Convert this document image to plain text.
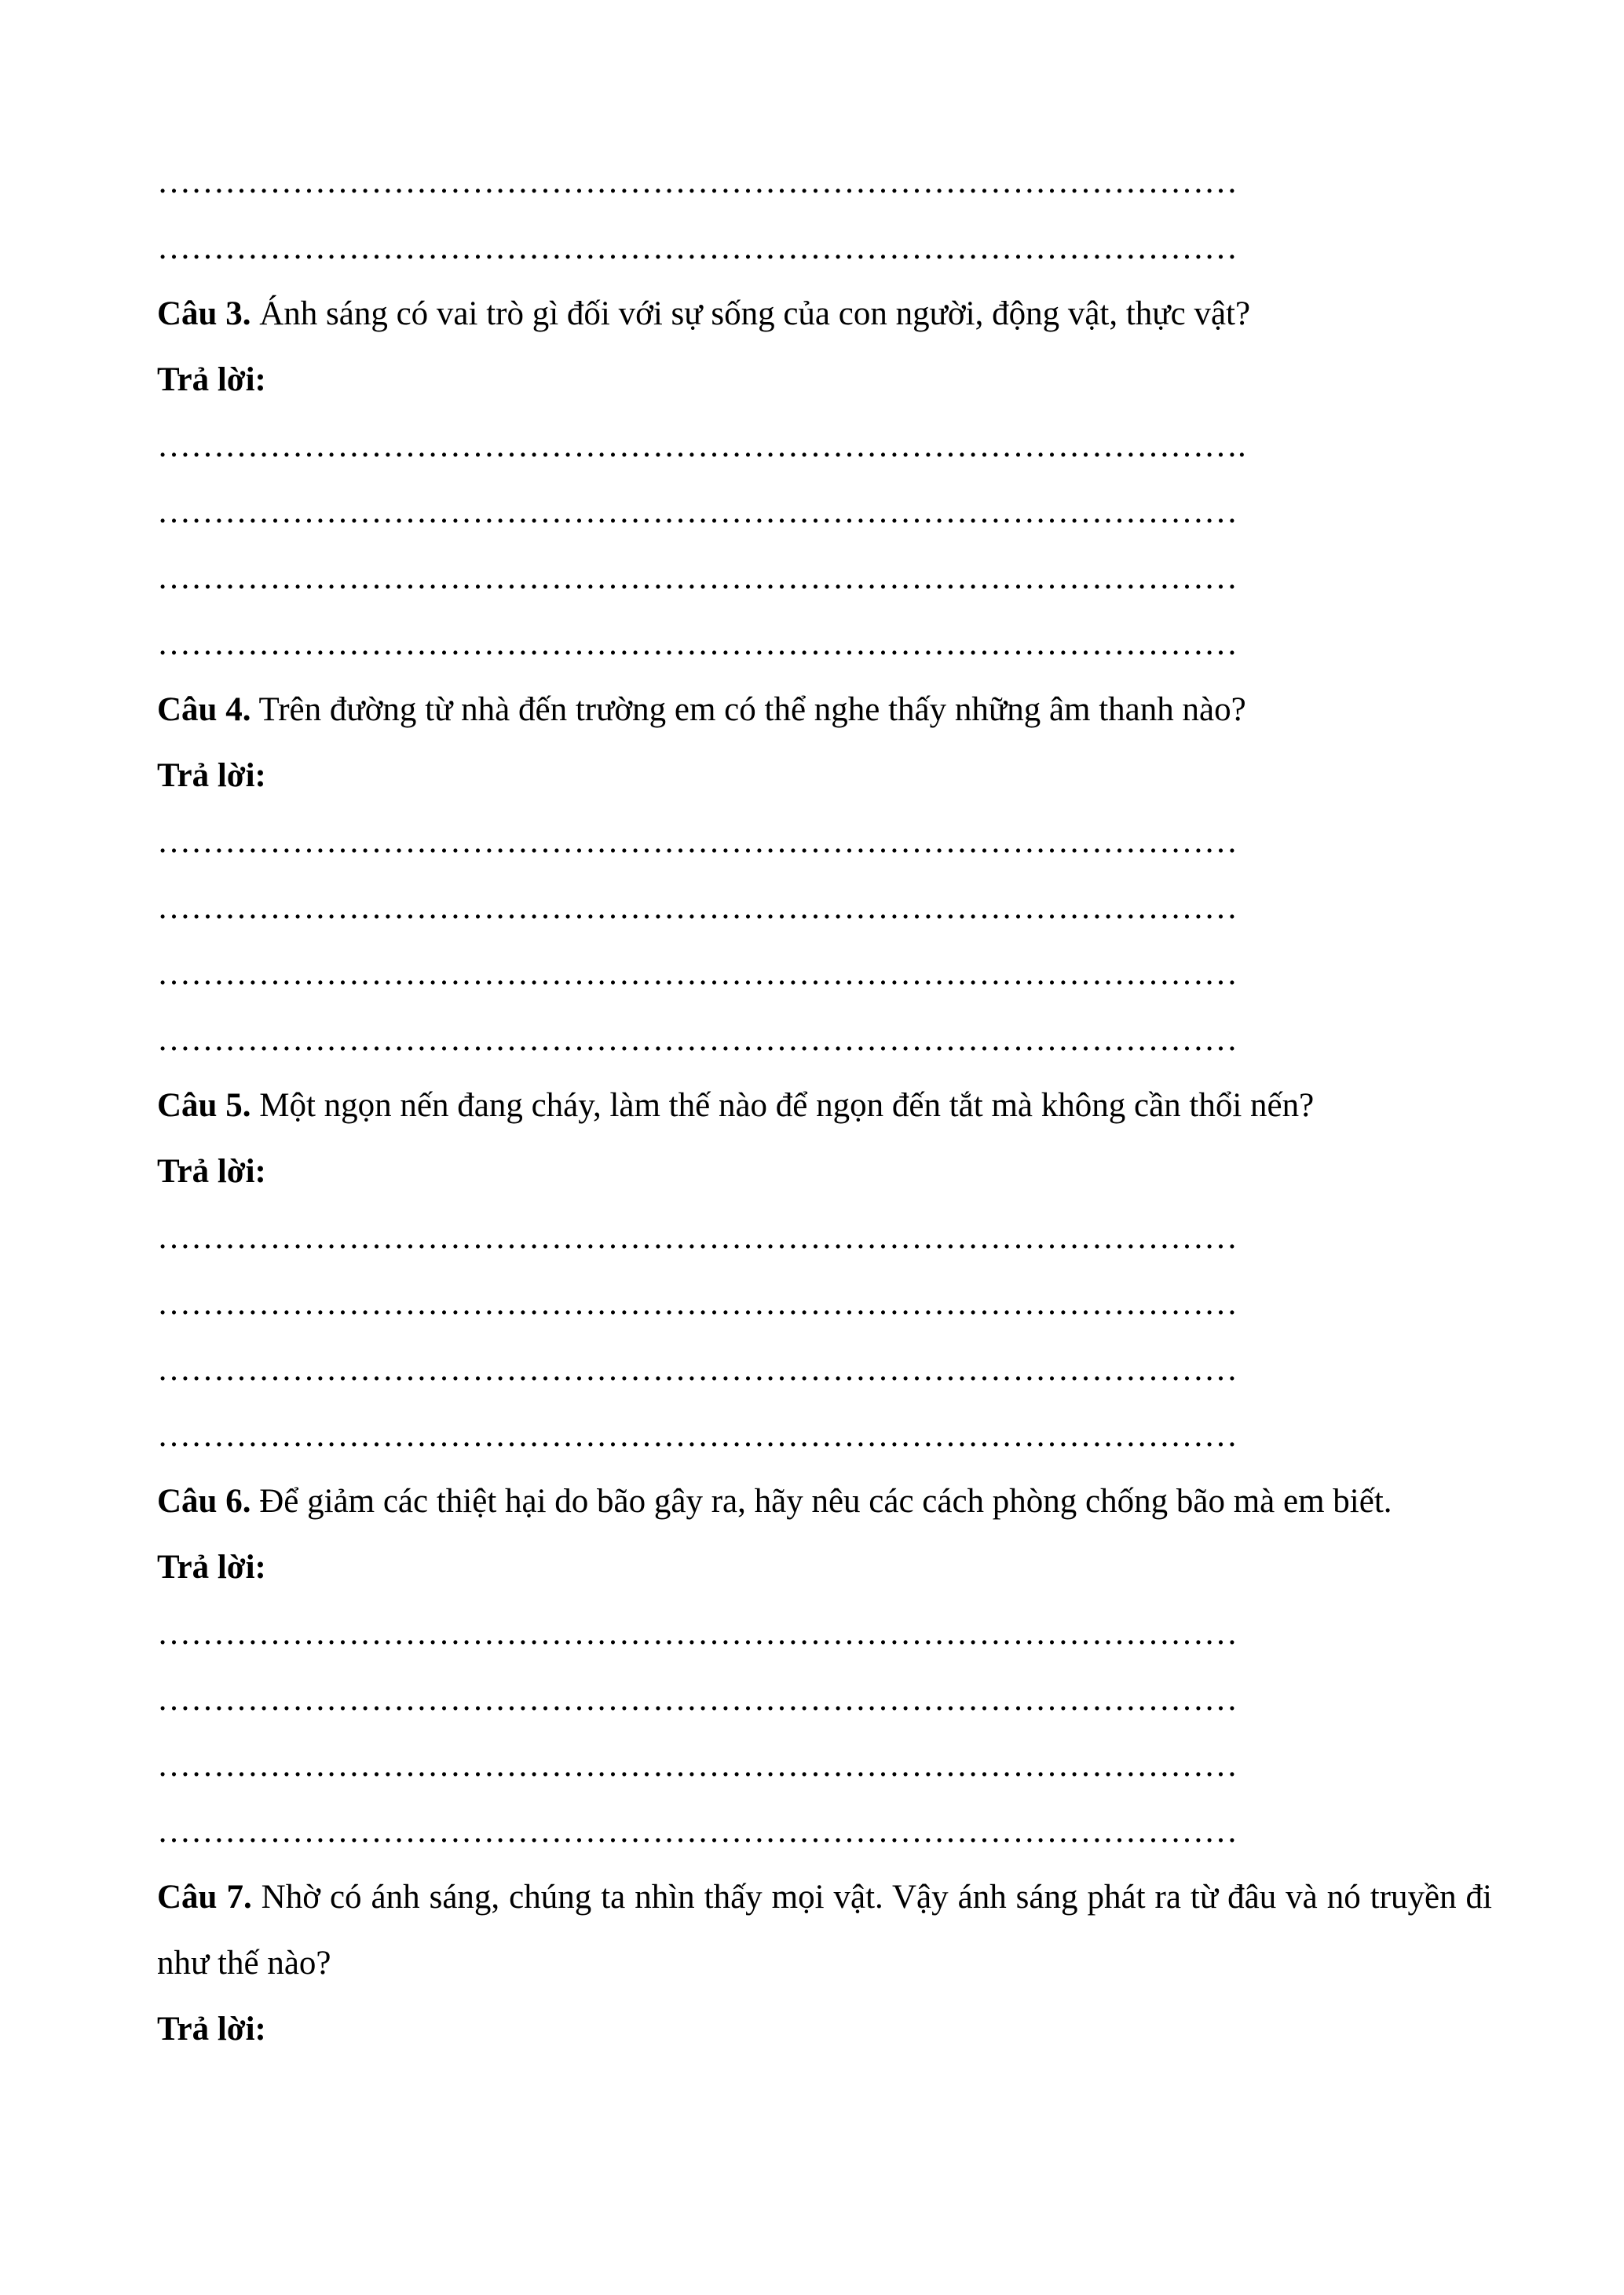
……………………………………………………………………………………
……………………………………………………………………………………
Câu 3. Ánh sáng có vai trò gì đối với sự sống của con người, động vật, thực vật?
Trả lời:
…………………………………………………………………………………….
……………………………………………………………………………………
……………………………………………………………………………………
……………………………………………………………………………………
Câu 4. Trên đường từ nhà đến trường em có thể nghe thấy những âm thanh nào?
Trả lời:
……………………………………………………………………………………
……………………………………………………………………………………
……………………………………………………………………………………
……………………………………………………………………………………
Câu 5. Một ngọn nến đang cháy, làm thế nào để ngọn đến tắt mà không cần thổi nến?
Trả lời:
……………………………………………………………………………………
……………………………………………………………………………………
……………………………………………………………………………………
……………………………………………………………………………………
Câu 6. Để giảm các thiệt hại do bão gây ra, hãy nêu các cách phòng chống bão mà em biết.
Trả lời:
……………………………………………………………………………………
……………………………………………………………………………………
……………………………………………………………………………………
……………………………………………………………………………………
Câu 7. Nhờ có ánh sáng, chúng ta nhìn thấy mọi vật. Vậy ánh sáng phát ra từ đâu và nó truyền đi như thế nào?
Trả lời:
